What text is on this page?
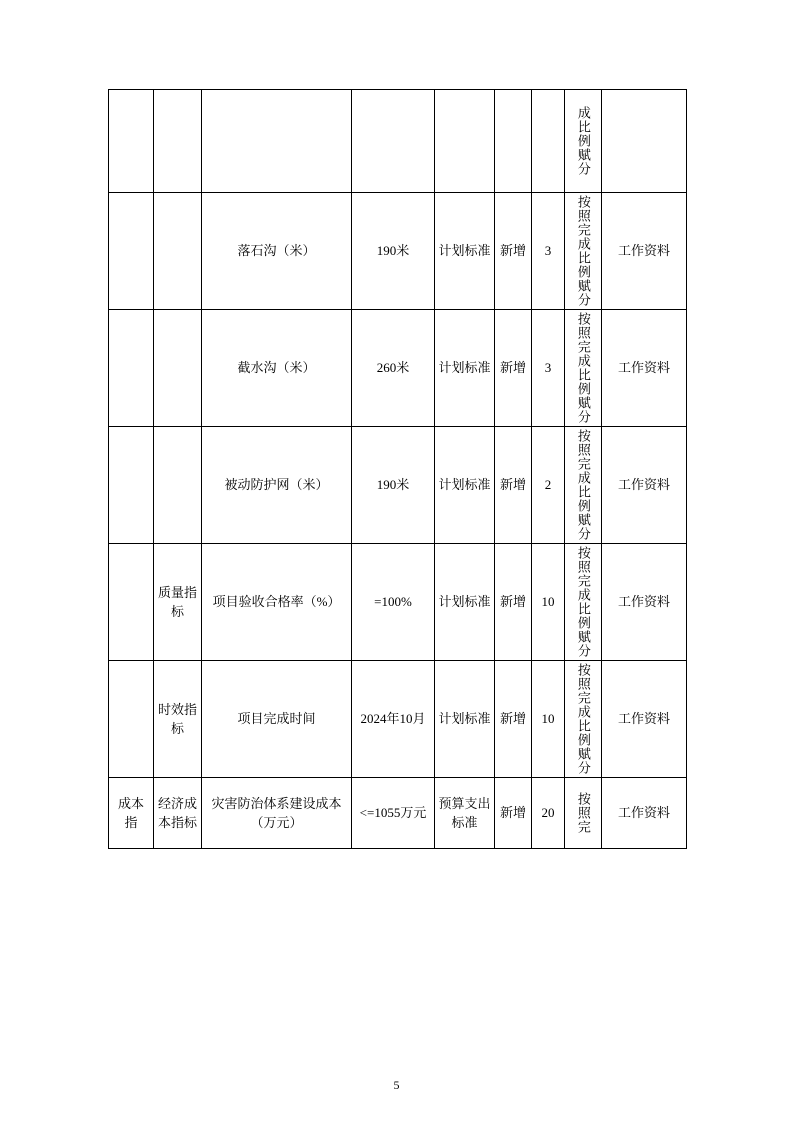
							成比例赋分	

		落石沟（米）	190米	计划标准	新增	3	按照完成比例赋分	工作资料
		截水沟（米）	260米	计划标准	新增	3	按照完成比例赋分	工作资料
		被动防护网（米）	190米	计划标准	新增	2	按照完成比例赋分	工作资料
	质量指标	项目验收合格率（%）	=100%	计划标准	新增	10	按照完成比例赋分	工作资料
	时效指标	项目完成时间	2024年10月	计划标准	新增	10	按照完成比例赋分	工作资料
成本指	经济成本指标	灾害防治体系建设成本（万元）	<=1055万元	预算支出标准	新增	20	按照完	工作资料
5
